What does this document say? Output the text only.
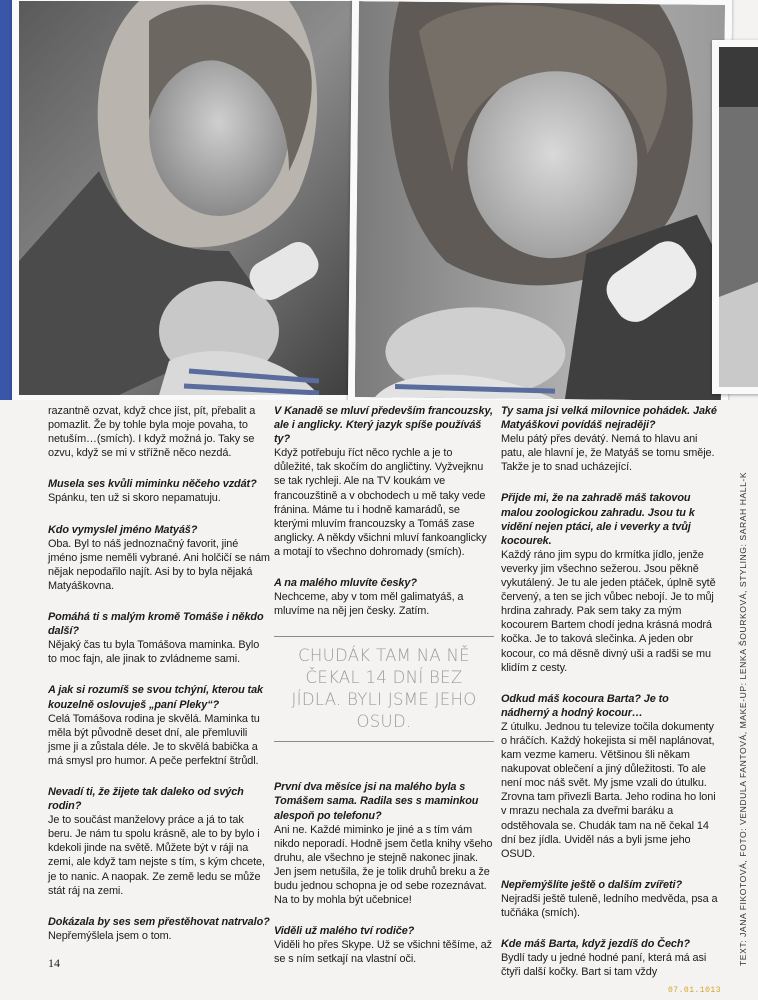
razantně ozvat, když chce jíst, pít, přebalit a pomazlit. Že by tohle byla moje povaha, to netuším…(smích). I když možná jo. Taky se ozvu, když se mi v střížně něco nezdá.

Musela ses kvůli miminku něčeho vzdát?
Spánku, ten už si skoro nepamatuju.

Kdo vymyslel jméno Matyáš?
Oba. Byl to náš jednoznačný favorit, jiné jméno jsme neměli vybrané. Ani holčičí se nám nějak nepodařilo najít. Asi by to byla nějaká Matyáškovna.

Pomáhá ti s malým kromě Tomáše i někdo další?
Nějaký čas tu byla Tomášova maminka. Bylo to moc fajn, ale jinak to zvládneme sami.

A jak si rozumíš se svou tchýní, kterou tak kouzelně oslovuješ „paní Pleky“?
Celá Tomášova rodina je skvělá. Maminka tu měla být původně deset dní, ale přemluvili jsme ji a zůstala déle. Je to skvělá babička a má smysl pro humor. A peče perfektní štrůdl.

Nevadí ti, že žijete tak daleko od svých rodin?
Je to součást manželovy práce a já to tak beru. Je nám tu spolu krásně, ale to by bylo i kdekoli jinde na světě. Můžete být v ráji na zemi, ale když tam nejste s tím, s kým chcete, je to nanic. A naopak. Ze země ledu se může stát ráj na zemi.

Dokázala by ses sem přestěhovat natrvalo?
Nepřemýšlela jsem o tom.

V Kanadě se mluví především francouzsky, ale i anglicky. Který jazyk spíše používáš ty?
Když potřebuju říct něco rychle a je to důležité, tak skočím do angličtiny. Vyžvejknu se tak rychleji. Ale na TV koukám ve francouzštině a v obchodech u mě taky vede fránina. Máme tu i hodně kamarádů, se kterými mluvím francouzsky a Tomáš zase anglicky. A někdy všichni mluví fankoanglicky a motají to všechno dohromady (smích).

A na malého mluvíte česky?
Nechceme, aby v tom měl galimatyáš, a mluvíme na něj jen česky. Zatím.

CHUDÁK TAM NA NĚ ČEKAL 14 DNÍ BEZ JÍDLA. BYLI JSME JEHO OSUD.

První dva měsíce jsi na malého byla s Tomášem sama. Radila ses s maminkou alespoň po telefonu?
Ani ne. Každé miminko je jiné a s tím vám nikdo neporadí. Hodně jsem četla knihy všeho druhu, ale všechno je stejně nakonec jinak. Jen jsem netušila, že je tolik druhů breku a že budu jednou schopna je od sebe rozeznávat. Na to by mohla být učebnice!

Viděli už malého tví rodiče?
Viděli ho přes Skype. Už se všichni těšíme, až se s ním setkají na vlastní oči.

Ty sama jsi velká milovnice pohádek. Jaké Matyáškovi povídáš nejraději?
Melu pátý přes devátý. Nemá to hlavu ani patu, ale hlavní je, že Matyáš se tomu směje. Takže je to snad ucházející.

Přijde mi, že na zahradě máš takovou malou zoologickou zahradu. Jsou tu k vidění nejen ptáci, ale i veverky a tvůj kocourek.
Každý ráno jim sypu do krmítka jídlo, jenže veverky jim všechno sežerou. Jsou pěkně vykutálený. Je tu ale jeden ptáček, úplně sytě červený, a ten se jich vůbec nebojí. Je to můj hrdina zahrady. Pak sem taky za mým kocourem Bartem chodí jedna krásná modrá kočka. Je to taková slečinka. A jeden obr kocour, co má děsně divný uši a radši se mu klidím z cesty.

Odkud máš kocoura Barta? Je to nádherný a hodný kocour…
Z útulku. Jednou tu televize točila dokumenty o hráčích. Každý hokejista si měl naplánovat, kam vezme kameru. Většinou šli někam nakupovat oblečení a jiný důležitosti. To ale není moc náš svět. My jsme vzali do útulku. Zrovna tam přivezli Barta. Jeho rodina ho loni v mrazu nechala za dveřmi baráku a odstěhovala se. Chudák tam na ně čekal 14 dní bez jídla. Uviděl nás a byli jsme jeho OSUD.

Nepřemýšlíte ještě o dalším zvířeti?
Nejradši ještě tuleně, ledního medvěda, psa a tučňáka (smích).

Kde máš Barta, když jezdíš do Čech?
Bydlí tady u jedné hodné paní, která má asi čtyři další kočky. Bart si tam vždy

TEXT: JANA FIKOTOVÁ, FOTO: VENDULA FANTOVÁ, MAKE-UP: LENKA ŠOURKOVÁ, STYLING: SARAH HALL-K
14
07.01.1013
